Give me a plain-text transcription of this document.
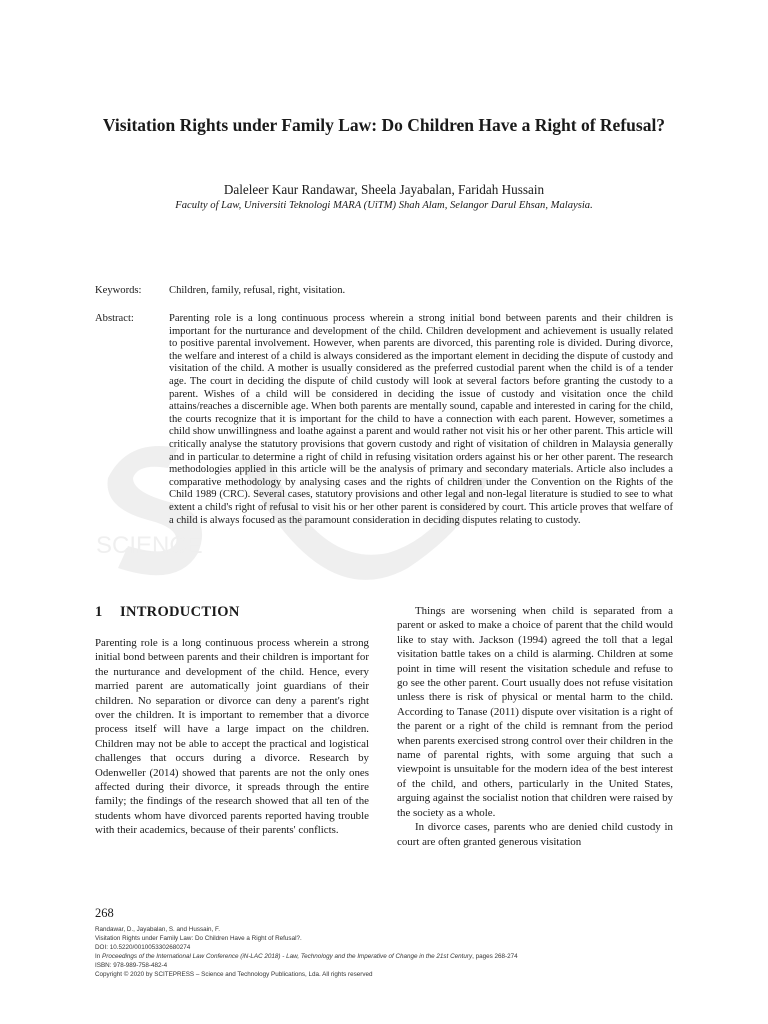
SCIENCE
Visitation Rights under Family Law: Do Children Have a Right of Refusal?
Daleleer Kaur Randawar, Sheela Jayabalan, Faridah Hussain
Faculty of Law, Universiti Teknologi MARA (UiTM) Shah Alam, Selangor Darul Ehsan, Malaysia.
Keywords:	Children, family, refusal, right, visitation.
Abstract:	Parenting role is a long continuous process wherein a strong initial bond between parents and their children is important for the nurturance and development of the child. Children development and achievement is usually related to positive parental involvement. However, when parents are divorced, this parenting role is divided. During divorce, the welfare and interest of a child is always considered as the important element in deciding the dispute of custody and visitation of the child. A mother is usually considered as the preferred custodial parent when the child is of a tender age. The court in deciding the dispute of child custody will look at several factors before granting the custody to a parent. Wishes of a child will be considered in deciding the issue of custody and visitation once the child attains/reaches a discernible age. When both parents are mentally sound, capable and interested in caring for the child, the courts recognize that it is important for the child to have a connection with each parent. However, sometimes a child show unwillingness and loathe against a parent and would rather not visit his or her other parent. This article will critically analyse the statutory provisions that govern custody and right of visitation of children in Malaysia generally and in particular to determine a right of child in refusing visitation orders against his or her other parent. The research methodologies applied in this article will be the analysis of primary and secondary materials. Article also includes a comparative methodology by analysing cases and the rights of children under the Convention on the Rights of the Child 1989 (CRC). Several cases, statutory provisions and other legal and non-legal literature is studied to see to what extent a child's right of refusal to visit his or her other parent is considered by court. This article proves that welfare of a child is always focused as the paramount consideration in deciding disputes relating to custody.
1 INTRODUCTION

Parenting role is a long continuous process wherein a strong initial bond between parents and their children is important for the nurturance and development of the child. Hence, every married parent are automatically joint guardians of their children. No separation or divorce can deny a parent's right over the children. It is important to remember that a divorce process itself will have a large impact on the children. Children may not be able to accept the practical and logistical challenges that occurs during a divorce. Research by Odenweller (2014) showed that parents are not the only ones affected during their divorce, it spreads through the entire family; the findings of the research showed that all ten of the students whom have divorced parents reported having trouble with their academics, because of their parents' conflicts.

Things are worsening when child is separated from a parent or asked to make a choice of parent that the child would like to stay with. Jackson (1994) agreed the toll that a legal visitation battle takes on a child is alarming. Children at some point in time will resent the visitation schedule and refuse to go see the other parent. Court usually does not refuse visitation unless there is risk of physical or mental harm to the child. According to Tanase (2011) dispute over visitation is a right of the parent or a right of the child is remnant from the period when parents exercised strong control over their children in the name of parental rights, with some arguing that such a viewpoint is unsuitable for the modern idea of the best interest of the child, and others, particularly in the United States, arguing against the socialist notion that children were raised by the society as a whole.

In divorce cases, parents who are denied child custody in court are often granted generous visitation

268
Randawar, D., Jayabalan, S. and Hussain, F.
Visitation Rights under Family Law: Do Children Have a Right of Refusal?.
DOI: 10.5220/0010053302680274
In Proceedings of the International Law Conference (iN-LAC 2018) - Law, Technology and the Imperative of Change in the 21st Century, pages 268-274
ISBN: 978-989-758-482-4
Copyright © 2020 by SCITEPRESS – Science and Technology Publications, Lda. All rights reserved
